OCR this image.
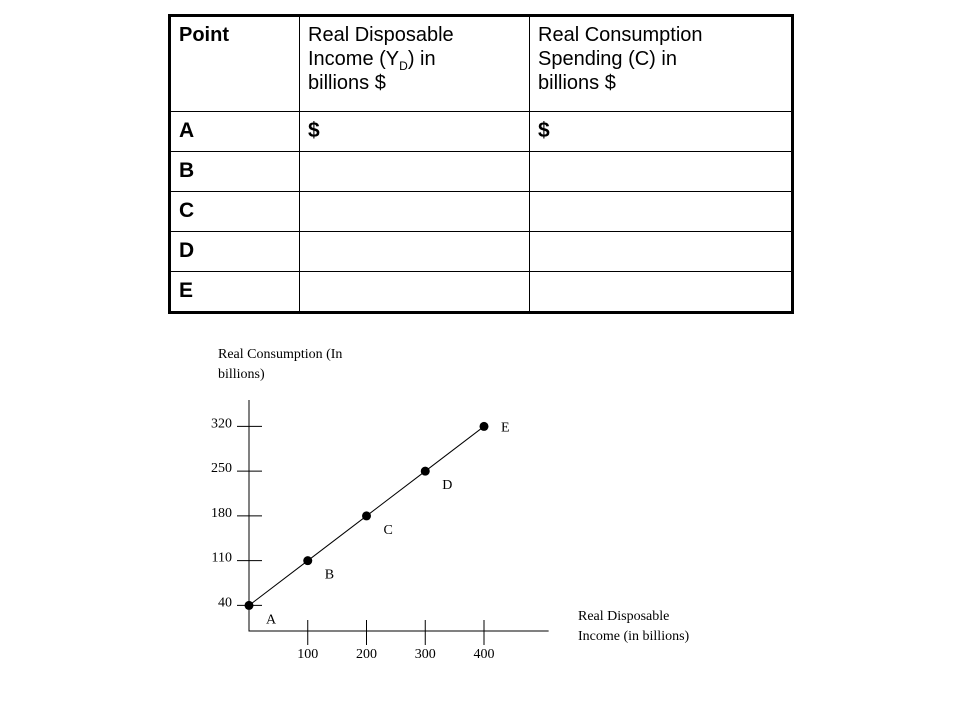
Point	Real Disposable
Income $(Y_D)$ in
billions $	Real Consumption
Spending (C) in
billions $

A	$	$
B		
C		
D		
E		
Real Consumption (In
billions)
Real Disposable
Income (in billions)
40
110
180
250
320
100	200	300	400
A
B
C
D
E
